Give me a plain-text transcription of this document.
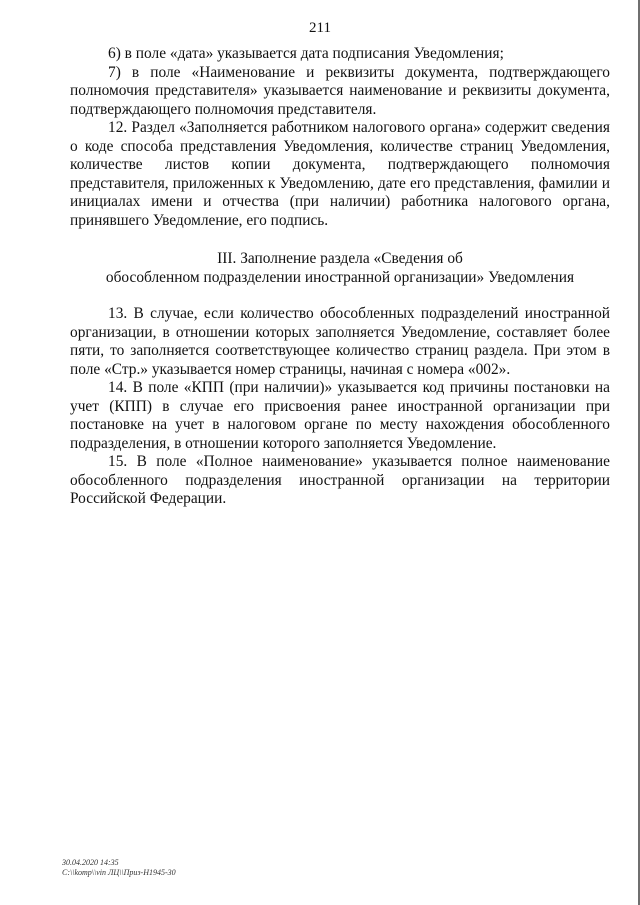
211

6) в поле «дата» указывается дата подписания Уведомления;

7) в поле «Наименование и реквизиты документа, подтверждающего полномочия представителя» указывается наименование и реквизиты документа, подтверждающего полномочия представителя.

12. Раздел «Заполняется работником налогового органа» содержит сведения о коде способа представления Уведомления, количестве страниц Уведомления, количестве листов копии документа, подтверждающего полномочия представителя, приложенных к Уведомлению, дате его представления, фамилии и инициалах имени и отчества (при наличии) работника налогового органа, принявшего Уведомление, его подпись.

III. Заполнение раздела «Сведения об
обособленном подразделении иностранной организации» Уведомления

13. В случае, если количество обособленных подразделений иностранной организации, в отношении которых заполняется Уведомление, составляет более пяти, то заполняется соответствующее количество страниц раздела. При этом в поле «Стр.» указывается номер страницы, начиная с номера «002».

14. В поле «КПП (при наличии)» указывается код причины постановки на учет (КПП) в случае его присвоения ранее иностранной организации при постановке на учет в налоговом органе по месту нахождения обособленного подразделения, в отношении которого заполняется Уведомление.

15. В поле «Полное наименование» указывается полное наименование обособленного подразделения иностранной организации на территории Российской Федерации.

30.04.2020 14:35
C:\\komp\\vin ЛЦ\\Приз-H1945-30
